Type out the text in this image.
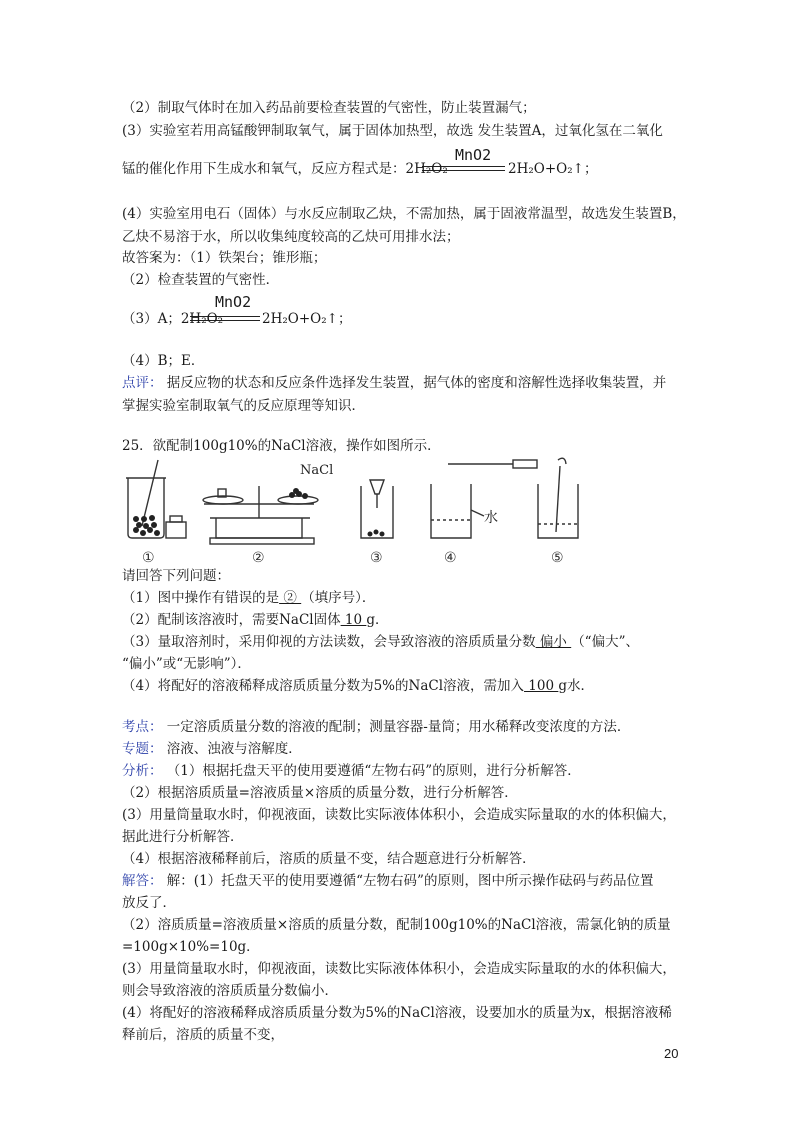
（2）制取气体时在加入药品前要检查装置的气密性，防止装置漏气；
(3）实验室若用高锰酸钾制取氧气，属于固体加热型，故选 发生装置A，过氧化氢在二氧化
MnO2
锰的催化作用下生成水和氧气，反应方程式是：2H₂O₂	2H₂O+O₂↑；
(4）实验室用电石（固体）与水反应制取乙炔，不需加热，属于固液常温型，故选发生装置B，
乙炔不易溶于水，所以收集纯度较高的乙炔可用排水法；
故答案为：（1）铁架台；锥形瓶；
（2）检查装置的气密性．
MnO2
（3）A；2H₂O₂	2H₂O+O₂↑；
（4）B；E．
点评： 据反应物的状态和反应条件选择发生装置，据气体的密度和溶解性选择收集装置，并
掌握实验室制取氧气的反应原理等知识．
25．欲配制100g10%的NaCl溶液，操作如图所示．
NaCl
水
①	②	③	④	⑤
请回答下列问题：
（1）图中操作有错误的是 ② （填序号）．
（2）配制该溶液时，需要NaCl固体 10 g．
（3）量取溶剂时，采用仰视的方法读数，会导致溶液的溶质质量分数 偏小 （“偏大”、
“偏小”或“无影响”）．
（4）将配好的溶液稀释成溶质质量分数为5%的NaCl溶液，需加入 100 g水．
考点： 一定溶质质量分数的溶液的配制；测量容器-量筒；用水稀释改变浓度的方法．
专题： 溶液、浊液与溶解度．
分析： （1）根据托盘天平的使用要遵循“左物右码”的原则，进行分析解答．
（2）根据溶质质量=溶液质量×溶质的质量分数，进行分析解答．
(3）用量筒量取水时，仰视液面，读数比实际液体体积小，会造成实际量取的水的体积偏大，
据此进行分析解答．
（4）根据溶液稀释前后，溶质的质量不变，结合题意进行分析解答．
解答： 解：(1）托盘天平的使用要遵循“左物右码”的原则，图中所示操作砝码与药品位置
放反了．
（2）溶质质量=溶液质量×溶质的质量分数，配制100g10%的NaCl溶液，需氯化钠的质量
=100g×10%=10g．
(3）用量筒量取水时，仰视液面，读数比实际液体体积小，会造成实际量取的水的体积偏大，
则会导致溶液的溶质质量分数偏小．
(4）将配好的溶液稀释成溶质质量分数为5%的NaCl溶液，设要加水的质量为x，根据溶液稀
释前后，溶质的质量不变，
20
